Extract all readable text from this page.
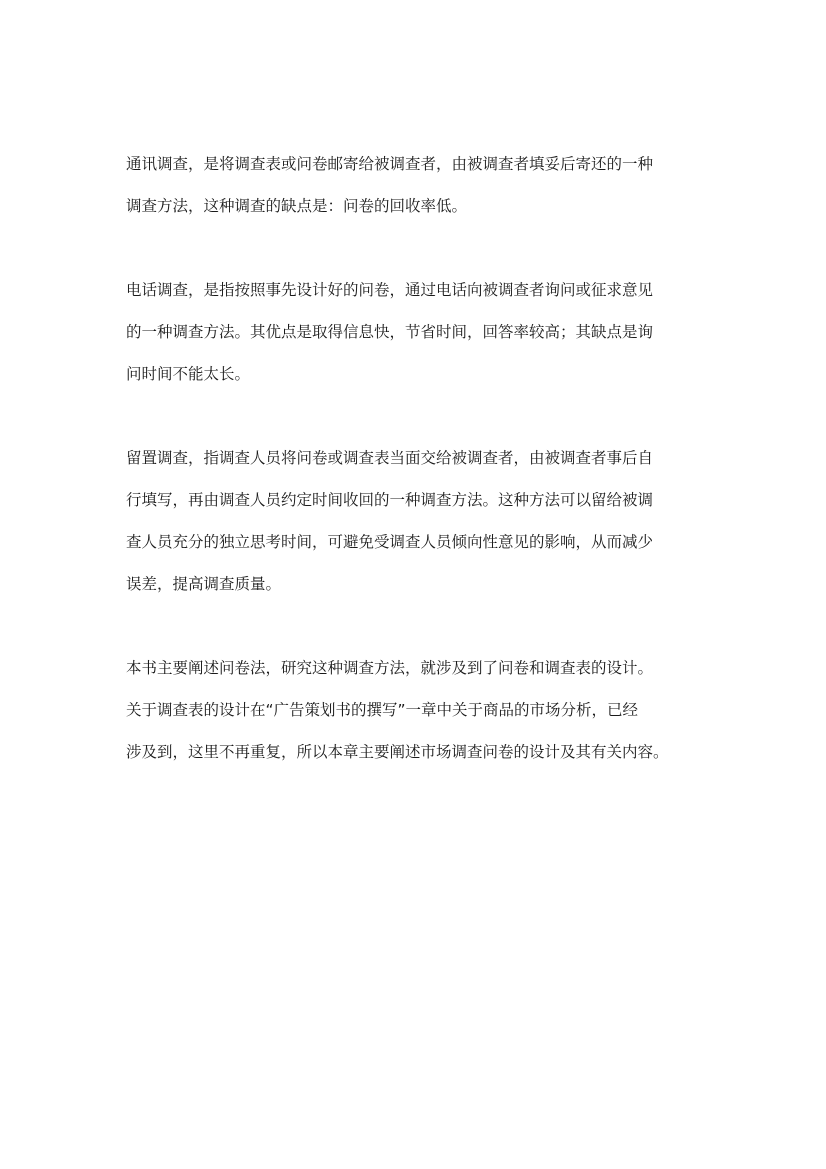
通讯调查，是将调查表或问卷邮寄给被调查者，由被调查者填妥后寄还的一种
调查方法，这种调查的缺点是：问卷的回收率低。
电话调查，是指按照事先设计好的问卷，通过电话向被调查者询问或征求意见
的一种调查方法。其优点是取得信息快，节省时间，回答率较高；其缺点是询
问时间不能太长。
留置调查，指调查人员将问卷或调查表当面交给被调查者，由被调查者事后自
行填写，再由调查人员约定时间收回的一种调查方法。这种方法可以留给被调
查人员充分的独立思考时间，可避免受调查人员倾向性意见的影响，从而减少
误差，提高调查质量。
本书主要阐述问卷法，研究这种调查方法，就涉及到了问卷和调查表的设计。
关于调查表的设计在“广告策划书的撰写”一章中关于商品的市场分析，已经
涉及到，这里不再重复，所以本章主要阐述市场调查问卷的设计及其有关内容。
